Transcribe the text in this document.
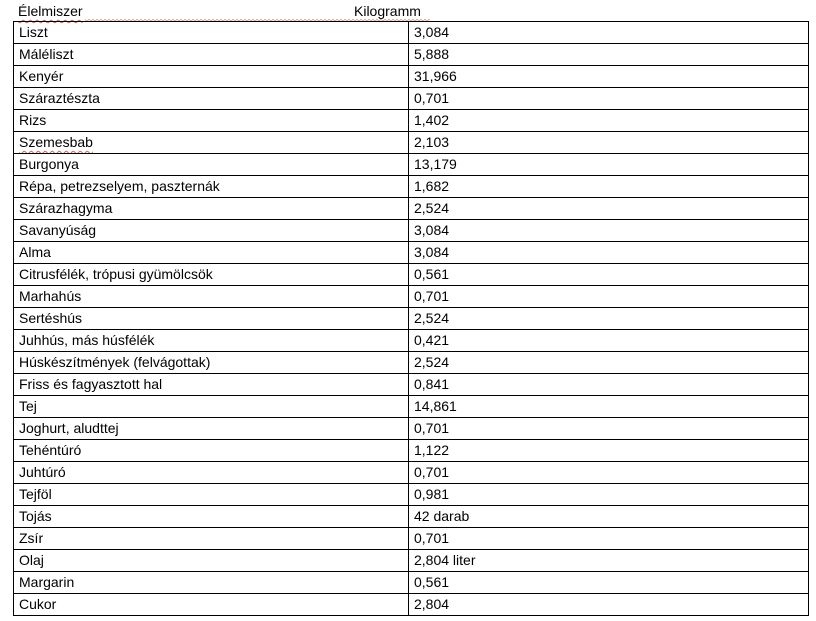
Élelmiszer	Kilogramm
Liszt	3,084
Máléliszt	5,888
Kenyér	31,966
Száraztészta	0,701
Rizs	1,402
Szemesbab	2,103
Burgonya	13,179
Répa, petrezselyem, paszternák	1,682
Szárazhagyma	2,524
Savanyúság	3,084
Alma	3,084
Citrusfélék, trópusi gyümölcsök	0,561
Marhahús	0,701
Sertéshús	2,524
Juhhús, más húsfélék	0,421
Húskészítmények (felvágottak)	2,524
Friss és fagyasztott hal	0,841
Tej	14,861
Joghurt, aludttej	0,701
Tehéntúró	1,122
Juhtúró	0,701
Tejföl	0,981
Tojás	42 darab
Zsír	0,701
Olaj	2,804 liter
Margarin	0,561
Cukor	2,804
